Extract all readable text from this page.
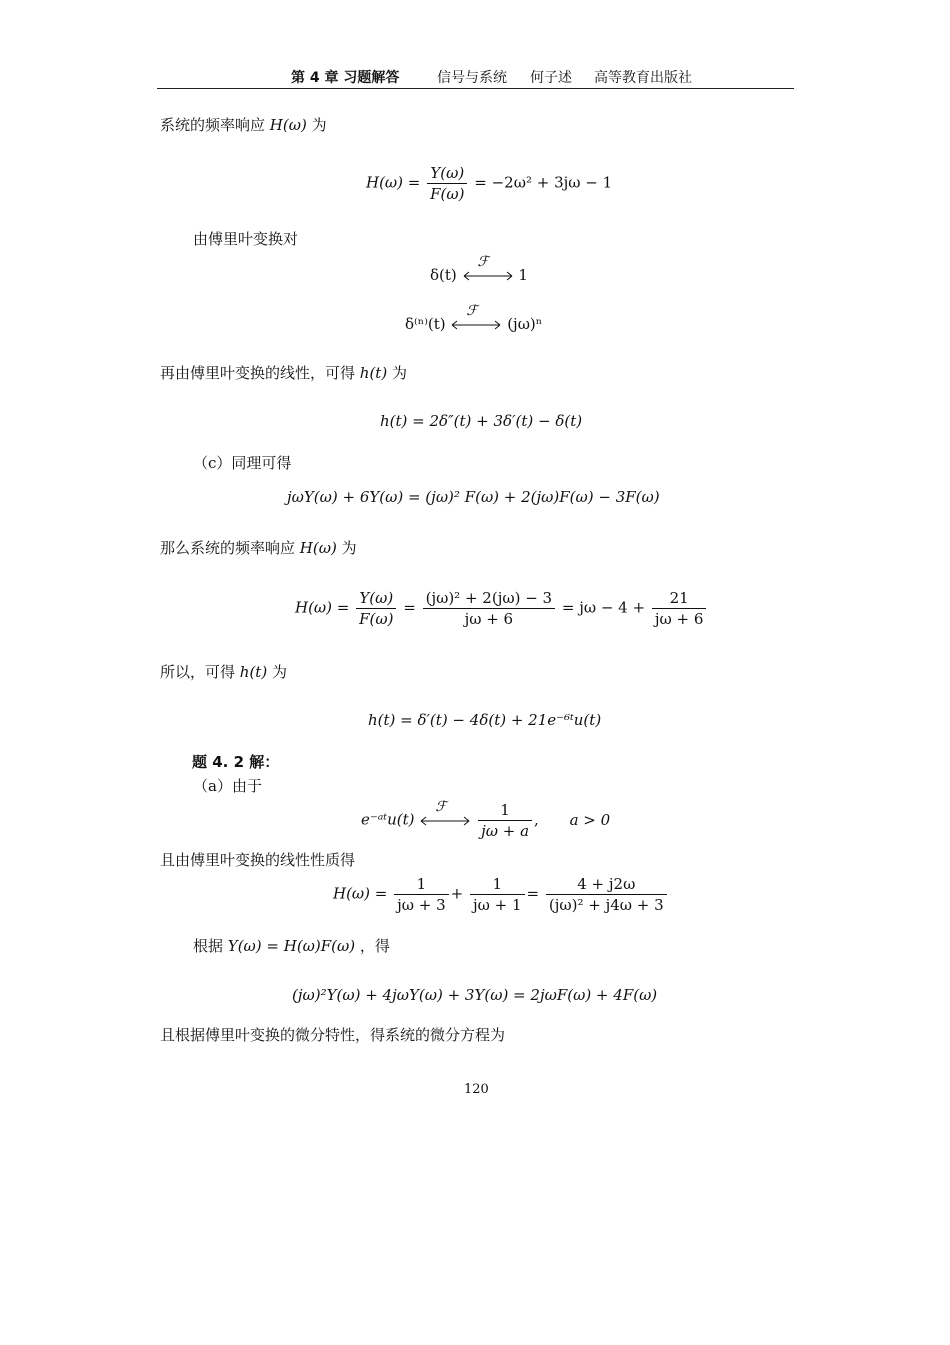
第 4 章 习题解答	信号与系统 何子述 高等教育出版社
系统的频率响应 H(ω) 为
$H(\omega) = \frac{Y(\omega)}{F(\omega)} = -2\omega^2 + 3j\omega - 1$
由傅里叶变换对
δ(t)
ℱ
1
δ⁽ⁿ⁾(t)
ℱ
(jω)ⁿ
再由傅里叶变换的线性，可得 h(t) 为
h(t) = 2δ″(t) + 3δ′(t) − δ(t)
（c）同理可得
jωY(ω) + 6Y(ω) = (jω)² F(ω) + 2(jω)F(ω) − 3F(ω)
那么系统的频率响应 H(ω) 为
$H(\omega) = \frac{Y(\omega)}{F(\omega)} = \frac{\text{(jω)² + 2(jω) − 3}}{j\omega + 6} = j\omega - 4 + \frac{21}{j\omega + 6}$
所以，可得 h(t) 为
h(t) = δ′(t) − 4δ(t) + 21e⁻⁶ᵗu(t)
题 4. 2 解：
（a）由于
e⁻ᵃᵗu(t)
ℱ
$\frac{1}{j\omega + a}$ , a > 0
且由傅里叶变换的线性性质得
$H(\omega) = \frac{1}{j\omega + 3} + \frac{1}{j\omega + 1} = \frac{4 + j2\omega}{\text{(jω)² + j4ω + 3}}$
根据 Y(ω) = H(ω)F(ω) ，得
(jω)²Y(ω) + 4jωY(ω) + 3Y(ω) = 2jωF(ω) + 4F(ω)
且根据傅里叶变换的微分特性，得系统的微分方程为
120
